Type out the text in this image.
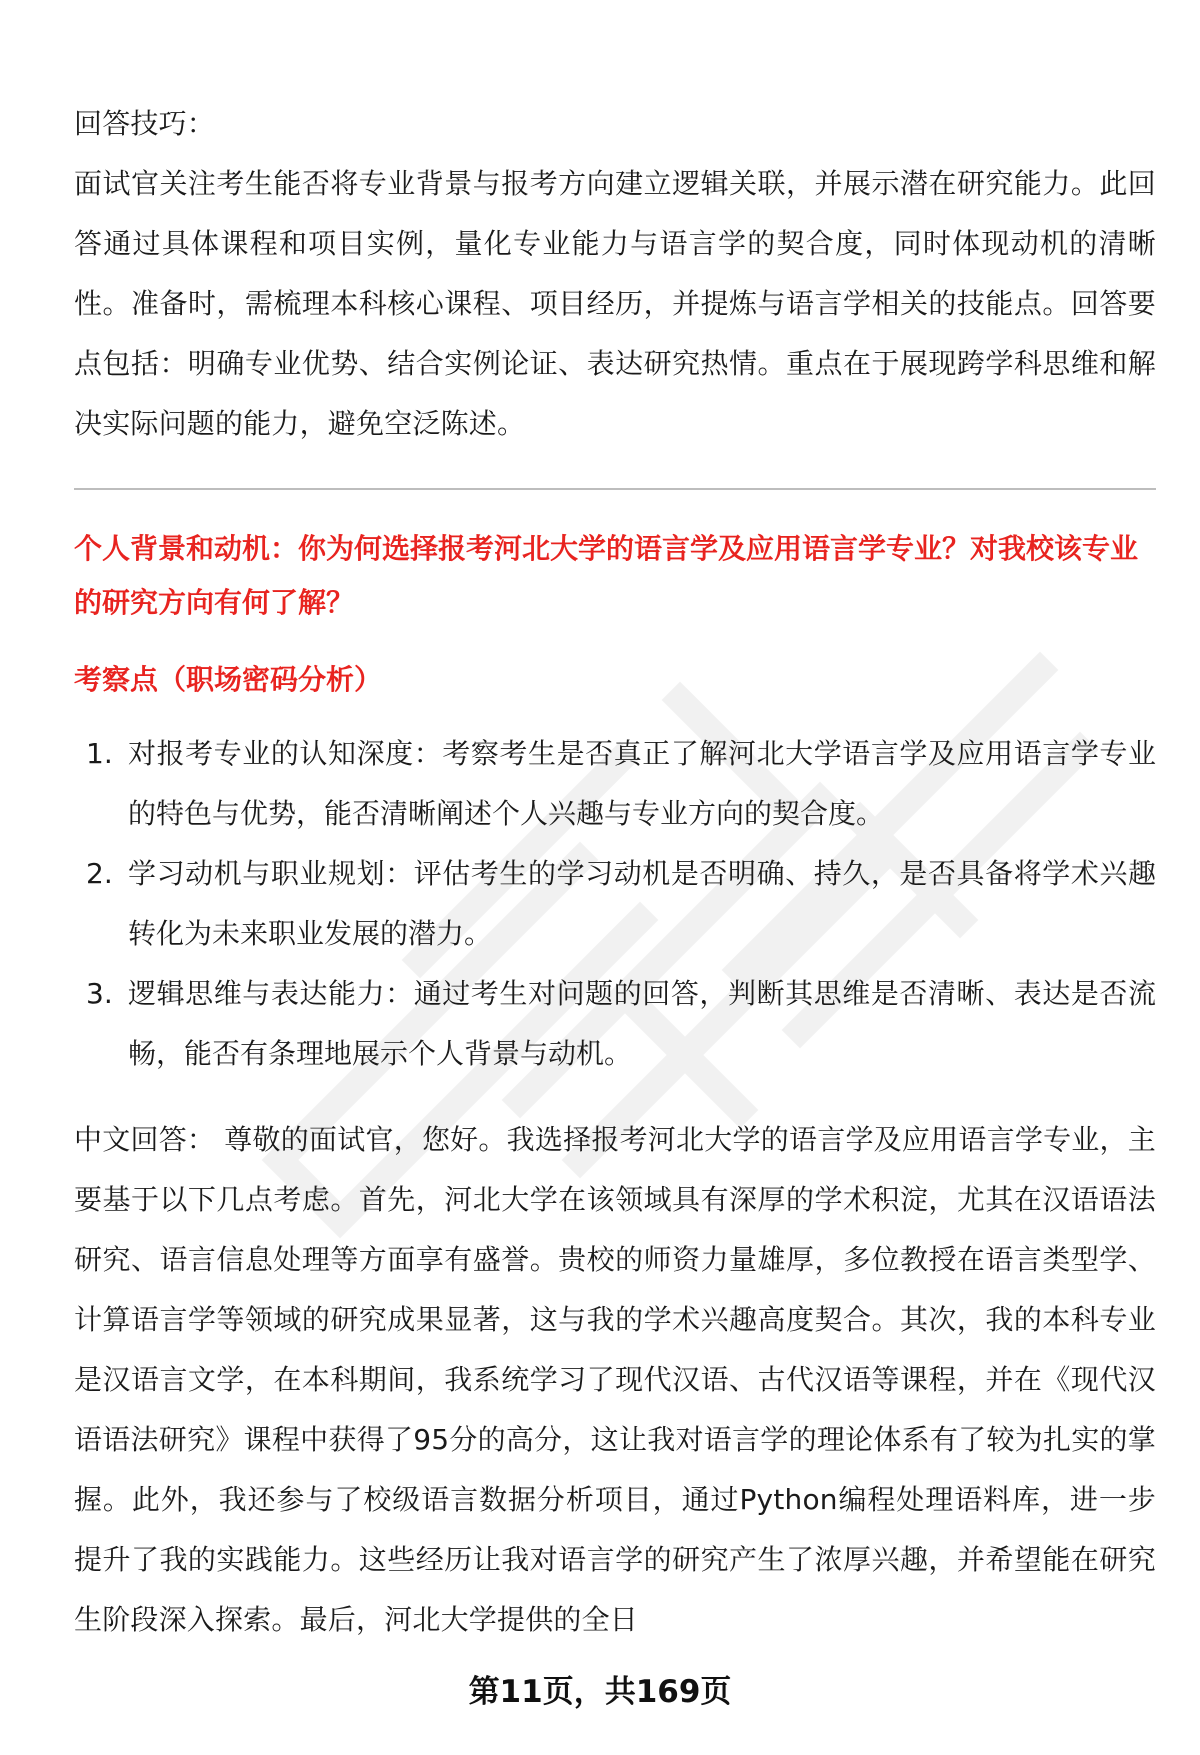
回答技巧：

面试官关注考生能否将专业背景与报考方向建立逻辑关联，并展示潜在研究能力。此回答通过具体课程和项目实例，量化专业能力与语言学的契合度，同时体现动机的清晰性。准备时，需梳理本科核心课程、项目经历，并提炼与语言学相关的技能点。回答要点包括：明确专业优势、结合实例论证、表达研究热情。重点在于展现跨学科思维和解决实际问题的能力，避免空泛陈述。

个人背景和动机：你为何选择报考河北大学的语言学及应用语言学专业？对我校该专业的研究方向有何了解？

考察点（职场密码分析）

1. 对报考专业的认知深度：考察考生是否真正了解河北大学语言学及应用语言学专业的特色与优势，能否清晰阐述个人兴趣与专业方向的契合度。
2. 学习动机与职业规划：评估考生的学习动机是否明确、持久，是否具备将学术兴趣转化为未来职业发展的潜力。
3. 逻辑思维与表达能力：通过考生对问题的回答，判断其思维是否清晰、表达是否流畅，能否有条理地展示个人背景与动机。

中文回答： 尊敬的面试官，您好。我选择报考河北大学的语言学及应用语言学专业，主要基于以下几点考虑。首先，河北大学在该领域具有深厚的学术积淀，尤其在汉语语法研究、语言信息处理等方面享有盛誉。贵校的师资力量雄厚，多位教授在语言类型学、计算语言学等领域的研究成果显著，这与我的学术兴趣高度契合。其次，我的本科专业是汉语言文学，在本科期间，我系统学习了现代汉语、古代汉语等课程，并在《现代汉语语法研究》课程中获得了95分的高分，这让我对语言学的理论体系有了较为扎实的掌握。此外，我还参与了校级语言数据分析项目，通过Python编程处理语料库，进一步提升了我的实践能力。这些经历让我对语言学的研究产生了浓厚兴趣，并希望能在研究生阶段深入探索。最后，河北大学提供的全日

第11页，共169页
